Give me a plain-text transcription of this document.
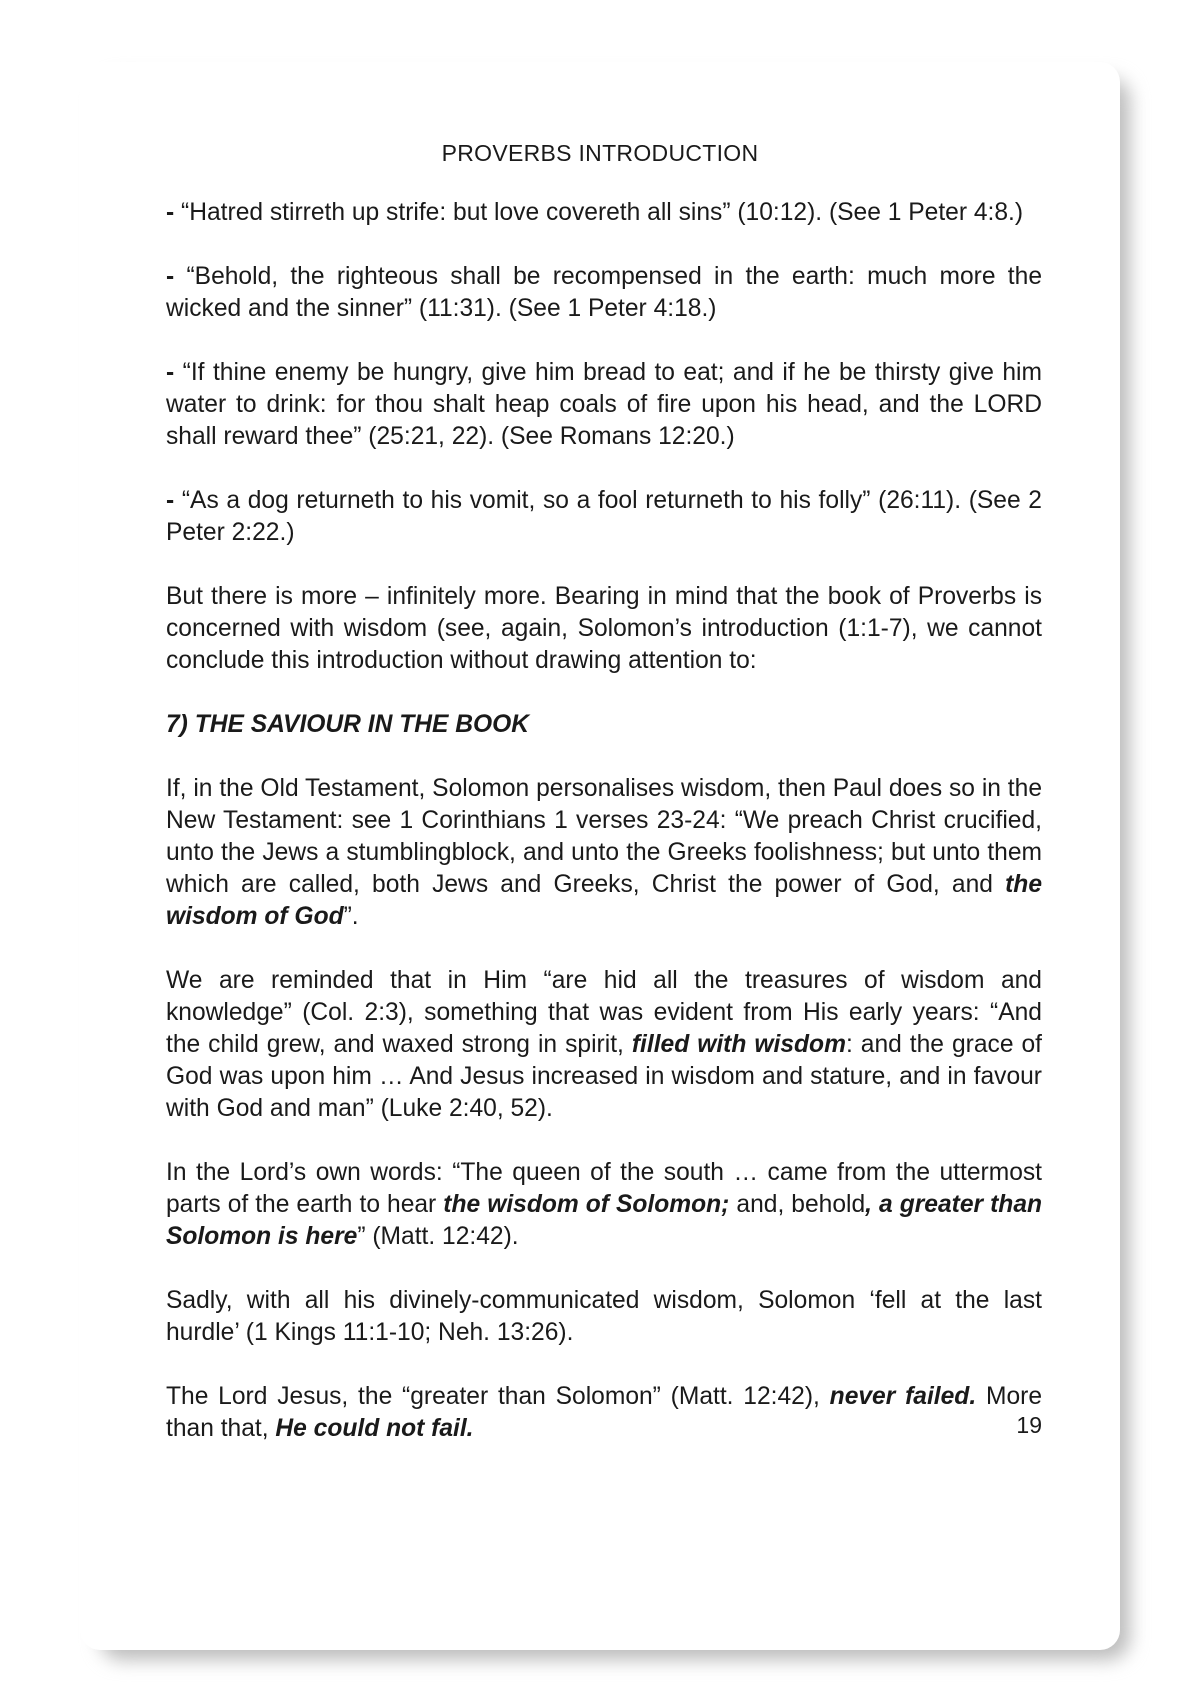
PROVERBS INTRODUCTION

- “Hatred stirreth up strife: but love covereth all sins” (10:12). (See 1 Peter 4:8.)

- “Behold, the righteous shall be recompensed in the earth: much more the wicked and the sinner” (11:31). (See 1 Peter 4:18.)

- “If thine enemy be hungry, give him bread to eat; and if he be thirsty give him water to drink: for thou shalt heap coals of fire upon his head, and the LORD shall reward thee” (25:21, 22). (See Romans 12:20.)

- “As a dog returneth to his vomit, so a fool returneth to his folly” (26:11). (See 2 Peter 2:22.)

But there is more – infinitely more. Bearing in mind that the book of Proverbs is concerned with wisdom (see, again, Solomon’s introduction (1:1-7), we cannot conclude this introduction without drawing attention to:

7) THE SAVIOUR IN THE BOOK

If, in the Old Testament, Solomon personalises wisdom, then Paul does so in the New Testament: see 1 Corinthians 1 verses 23-24: “We preach Christ crucified, unto the Jews a stumblingblock, and unto the Greeks foolishness; but unto them which are called, both Jews and Greeks, Christ the power of God, and the wisdom of God”.

We are reminded that in Him “are hid all the treasures of wisdom and knowledge” (Col. 2:3), something that was evident from His early years: “And the child grew, and waxed strong in spirit, filled with wisdom: and the grace of God was upon him … And Jesus increased in wisdom and stature, and in favour with God and man” (Luke 2:40, 52).

In the Lord’s own words: “The queen of the south … came from the uttermost parts of the earth to hear the wisdom of Solomon; and, behold, a greater than Solomon is here” (Matt. 12:42).

Sadly, with all his divinely-communicated wisdom, Solomon ‘fell at the last hurdle’ (1 Kings 11:1-10; Neh. 13:26).

The Lord Jesus, the “greater than Solomon” (Matt. 12:42), never failed. More than that, He could not fail.	19
